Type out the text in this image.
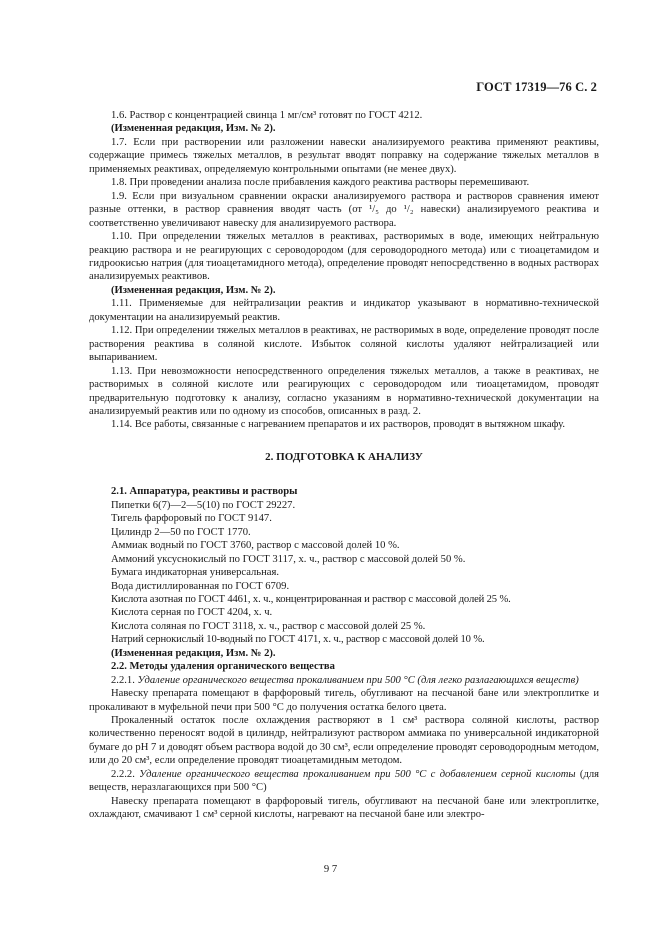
ГОСТ 17319—76 С. 2

1.6. Раствор с концентрацией свинца 1 мг/см³ готовят по ГОСТ 4212.

(Измененная редакция, Изм. № 2).

1.7. Если при растворении или разложении навески анализируемого реактива применяют реактивы, содержащие примесь тяжелых металлов, в результат вводят поправку на содержание тяжелых металлов в применяемых реактивах, определяемую контрольными опытами (не менее двух).

1.8. При проведении анализа после прибавления каждого реактива растворы перемешивают.

1.9. Если при визуальном сравнении окраски анализируемого раствора и растворов сравнения имеют разные оттенки, в раствор сравнения вводят часть (от ¹/₅ до ¹/₂ навески) анализируемого реактива и соответственно увеличивают навеску для анализируемого раствора.

1.10. При определении тяжелых металлов в реактивах, растворимых в воде, имеющих нейтральную реакцию раствора и не реагирующих с сероводородом (для сероводородного метода) или с тиоацетамидом и гидроокисью натрия (для тиоацетамидного метода), определение проводят непосредственно в водных растворах анализируемых реактивов.

(Измененная редакция, Изм. № 2).

1.11. Применяемые для нейтрализации реактив и индикатор указывают в нормативно-технической документации на анализируемый реактив.

1.12. При определении тяжелых металлов в реактивах, не растворимых в воде, определение проводят после растворения реактива в соляной кислоте. Избыток соляной кислоты удаляют нейтрализацией или выпариванием.

1.13. При невозможности непосредственного определения тяжелых металлов, а также в реактивах, не растворимых в соляной кислоте или реагирующих с сероводородом или тиоацетамидом, проводят предварительную подготовку к анализу, согласно указаниям в нормативно-технической документации на анализируемый реактив или по одному из способов, описанных в разд. 2.

1.14. Все работы, связанные с нагреванием препаратов и их растворов, проводят в вытяжном шкафу.

2. ПОДГОТОВКА К АНАЛИЗУ

2.1. Аппаратура, реактивы и растворы

Пипетки 6(7)—2—5(10) по ГОСТ 29227.

Тигель фарфоровый по ГОСТ 9147.

Цилиндр 2—50 по ГОСТ 1770.

Аммиак водный по ГОСТ 3760, раствор с массовой долей 10 %.

Аммоний уксуснокислый по ГОСТ 3117, х. ч., раствор с массовой долей 50 %.

Бумага индикаторная универсальная.

Вода дистиллированная по ГОСТ 6709.

Кислота азотная по ГОСТ 4461, х. ч., концентрированная и раствор с массовой долей 25 %.

Кислота серная по ГОСТ 4204, х. ч.

Кислота соляная по ГОСТ 3118, х. ч., раствор с массовой долей 25 %.

Натрий сернокислый 10-водный по ГОСТ 4171, х. ч., раствор с массовой долей 10 %.

(Измененная редакция, Изм. № 2).

2.2. Методы удаления органического вещества

2.2.1. Удаление органического вещества прокаливанием при 500 °С (для легко разлагающихся веществ)

Навеску препарата помещают в фарфоровый тигель, обугливают на песчаной бане или электроплитке и прокаливают в муфельной печи при 500 °С до получения остатка белого цвета.

Прокаленный остаток после охлаждения растворяют в 1 см³ раствора соляной кислоты, раствор количественно переносят водой в цилиндр, нейтрализуют раствором аммиака по универсальной индикаторной бумаге до pH 7 и доводят объем раствора водой до 30 см³, если определение проводят сероводородным методом, или до 20 см³, если определение проводят тиоацетамидным методом.

2.2.2. Удаление органического вещества прокаливанием при 500 °С с добавлением серной кислоты (для веществ, неразлагающихся при 500 °С)

Навеску препарата помещают в фарфоровый тигель, обугливают на песчаной бане или электроплитке, охлаждают, смачивают 1 см³ серной кислоты, нагревают на песчаной бане или электро-

9 7
